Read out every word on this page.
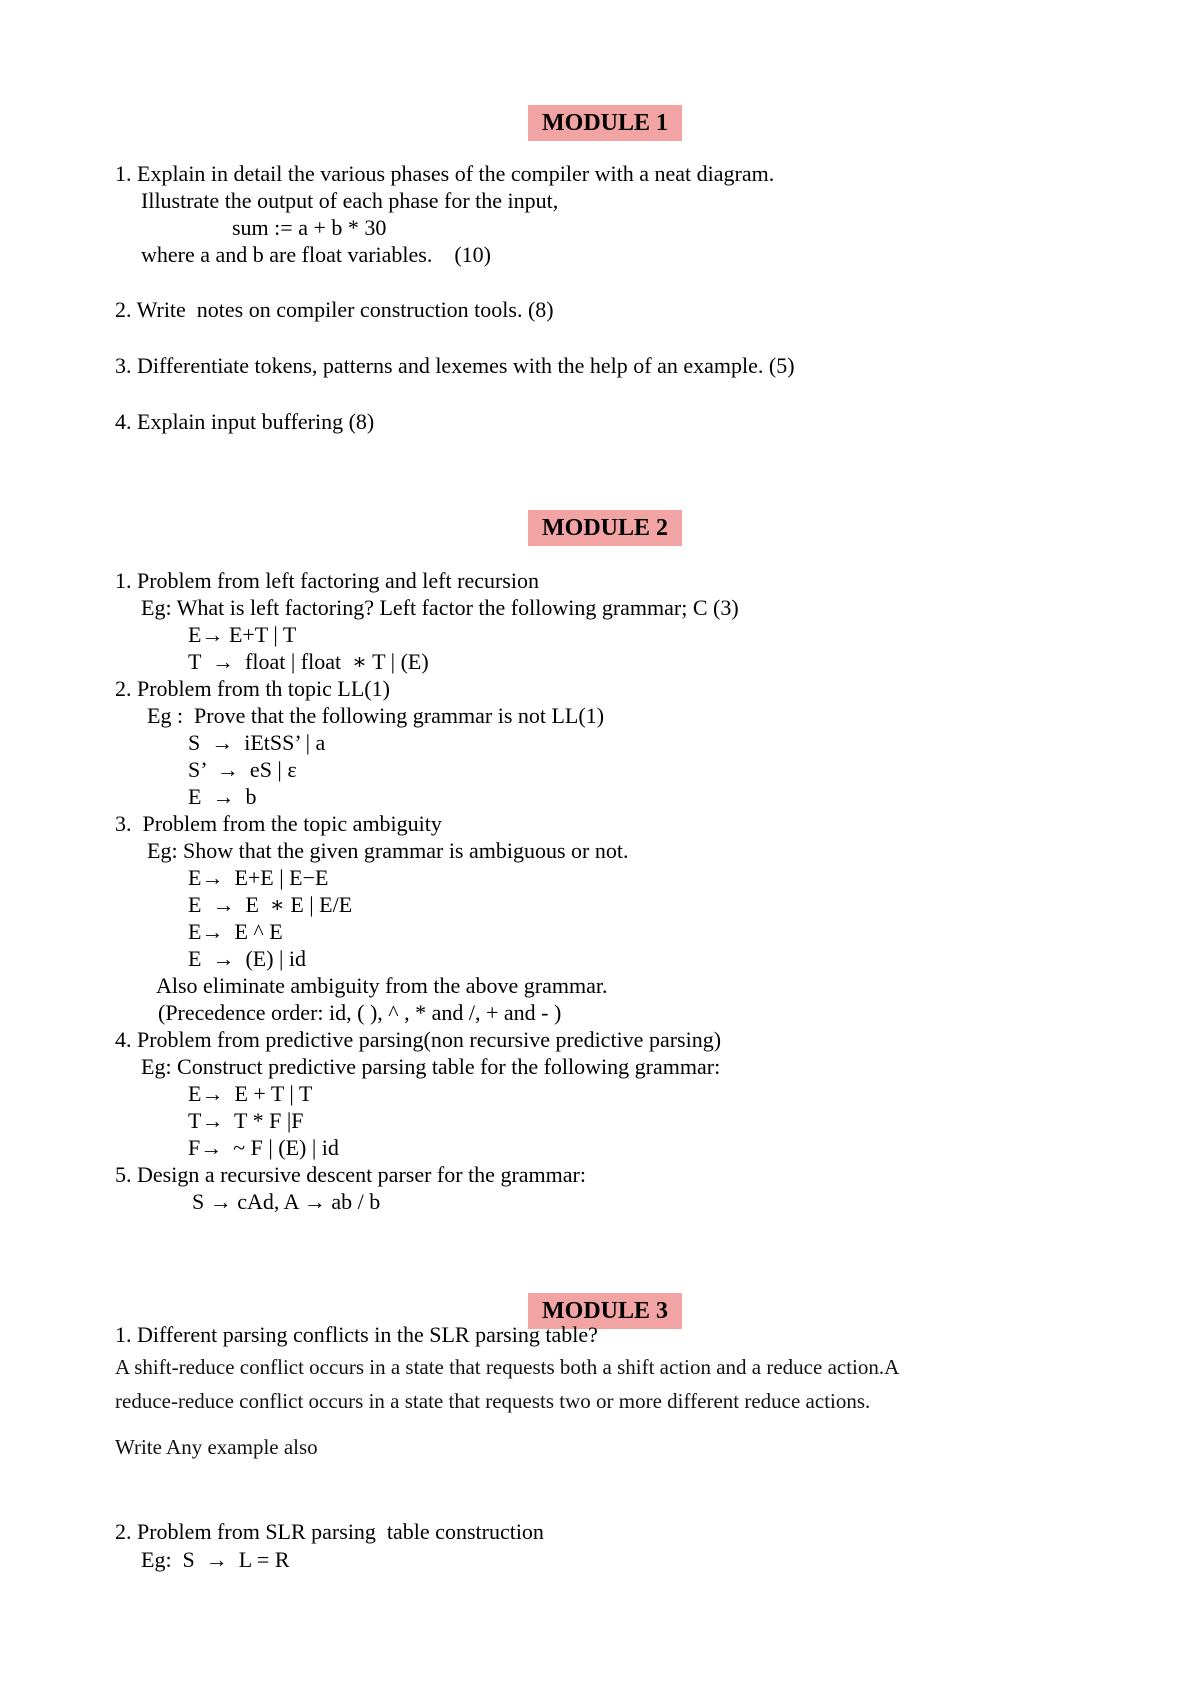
MODULE 1
1. Explain in detail the various phases of the compiler with a neat diagram.
Illustrate the output of each phase for the input,
sum := a + b * 30
where a and b are float variables.    (10)
2. Write  notes on compiler construction tools. (8)
3. Differentiate tokens, patterns and lexemes with the help of an example. (5)
4. Explain input buffering (8)
MODULE 2
1. Problem from left factoring and left recursion
Eg: What is left factoring? Left factor the following grammar; C (3)
E→ E+T | T
T  →  float | float  ∗ T | (E)
2. Problem from th topic LL(1)
Eg :  Prove that the following grammar is not LL(1)
S  →  iEtSS’ | a
S’  →  eS | ε
E  →  b
3.  Problem from the topic ambiguity
Eg: Show that the given grammar is ambiguous or not.
E→  E+E | E−E
E  →  E  ∗ E | E/E
E→  E ^ E
E  →  (E) | id
Also eliminate ambiguity from the above grammar.
(Precedence order: id, ( ), ^ , * and /, + and - )
4. Problem from predictive parsing(non recursive predictive parsing)
Eg: Construct predictive parsing table for the following grammar:
E→  E + T | T
T→  T * F |F
F→  ~ F | (E) | id
5. Design a recursive descent parser for the grammar:
S → cAd, A → ab / b
MODULE 3
1. Different parsing conflicts in the SLR parsing table?
A shift-reduce conflict occurs in a state that requests both a shift action and a reduce action.A
reduce-reduce conflict occurs in a state that requests two or more different reduce actions.
Write Any example also
2. Problem from SLR parsing  table construction
Eg:  S  →  L = R
